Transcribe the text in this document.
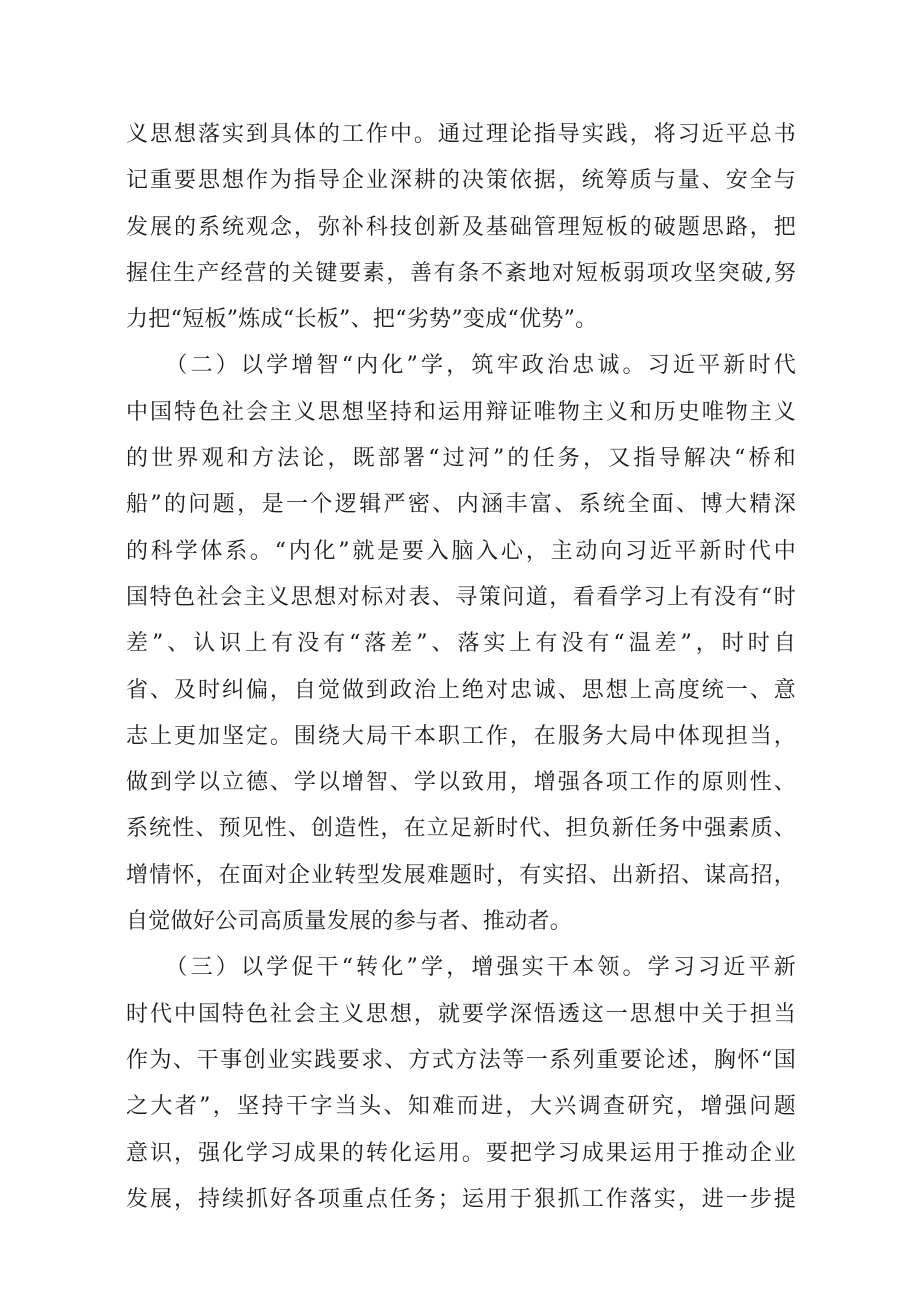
义思想落实到具体的工作中。通过理论指导实践，将习近平总书
记重要思想作为指导企业深耕的决策依据，统筹质与量、安全与
发展的系统观念，弥补科技创新及基础管理短板的破题思路，把
握住生产经营的关键要素，善有条不紊地对短板弱项攻坚突破,努
力把“短板”炼成“长板”、把“劣势”变成“优势”。
　　（二）以学增智“内化”学，筑牢政治忠诚。习近平新时代
中国特色社会主义思想坚持和运用辩证唯物主义和历史唯物主义
的世界观和方法论，既部署“过河”的任务，又指导解决“桥和
船”的问题，是一个逻辑严密、内涵丰富、系统全面、博大精深
的科学体系。“内化”就是要入脑入心，主动向习近平新时代中
国特色社会主义思想对标对表、寻策问道，看看学习上有没有“时
差”、认识上有没有“落差”、落实上有没有“温差”，时时自
省、及时纠偏，自觉做到政治上绝对忠诚、思想上高度统一、意
志上更加坚定。围绕大局干本职工作，在服务大局中体现担当，
做到学以立德、学以增智、学以致用，增强各项工作的原则性、
系统性、预见性、创造性，在立足新时代、担负新任务中强素质、
增情怀，在面对企业转型发展难题时，有实招、出新招、谋高招，
自觉做好公司高质量发展的参与者、推动者。
　　（三）以学促干“转化”学，增强实干本领。学习习近平新
时代中国特色社会主义思想，就要学深悟透这一思想中关于担当
作为、干事创业实践要求、方式方法等一系列重要论述，胸怀“国
之大者”，坚持干字当头、知难而进，大兴调查研究，增强问题
意识，强化学习成果的转化运用。要把学习成果运用于推动企业
发展，持续抓好各项重点任务；运用于狠抓工作落实，进一步提
